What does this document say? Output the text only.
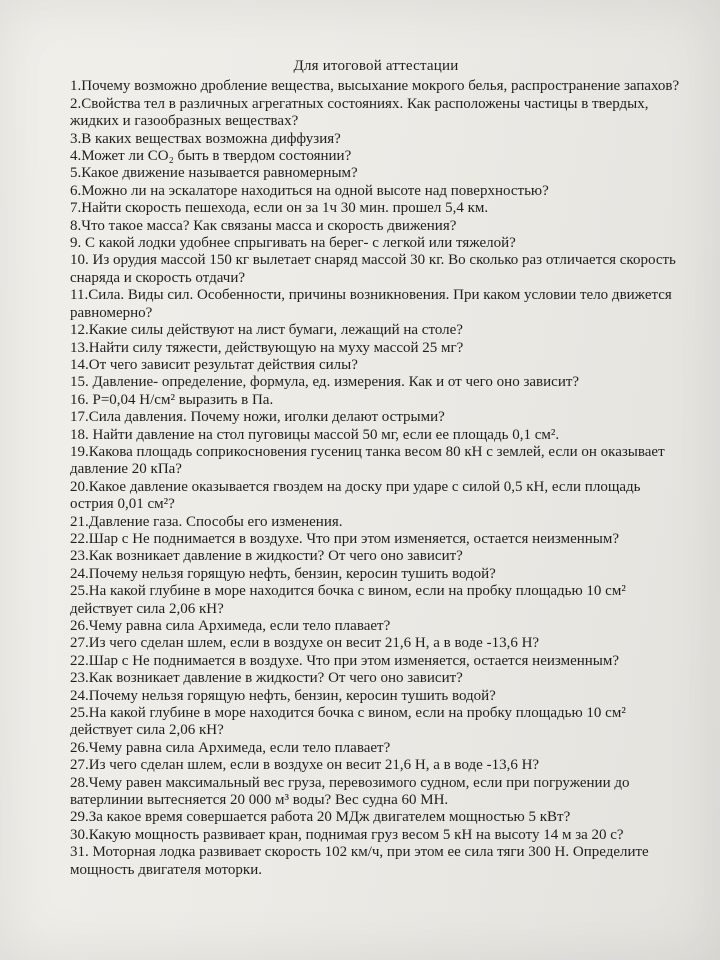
Для итоговой аттестации

1.Почему возможно дробление вещества, высыхание мокрого белья, распространение запахов?

2.Свойства тел в различных агрегатных состояниях. Как расположены частицы в твердых, жидких и газообразных веществах?

3.В каких веществах возможна диффузия?

4.Может ли CO₂ быть в твердом состоянии?

5.Какое движение называется равномерным?

6.Можно ли на эскалаторе находиться на одной высоте над поверхностью?

7.Найти скорость пешехода, если он за 1ч 30 мин. прошел 5,4 км.

8.Что такое масса? Как связаны масса и скорость движения?

9. С какой лодки удобнее спрыгивать на берег- с легкой или тяжелой?

10. Из орудия массой 150 кг вылетает снаряд массой 30 кг. Во сколько раз отличается скорость снаряда и скорость отдачи?

11.Сила. Виды сил. Особенности, причины возникновения. При каком условии тело движется равномерно?

12.Какие силы действуют на лист бумаги, лежащий на столе?

13.Найти силу тяжести, действующую на муху массой 25 мг?

14.От чего зависит результат действия силы?

15. Давление- определение, формула, ед. измерения. Как и от чего оно зависит?

16. P=0,04 Н/см² выразить в Па.

17.Сила давления. Почему ножи, иголки делают острыми?

18. Найти давление на стол пуговицы массой 50 мг, если ее площадь 0,1 см².

19.Какова площадь соприкосновения гусениц танка весом 80 кН с землей, если он оказывает давление 20 кПа?

20.Какое давление оказывается гвоздем на доску при ударе с силой 0,5 кН, если площадь острия 0,01 см²?

21.Давление газа. Способы его изменения.

22.Шар с Не поднимается в воздухе. Что при этом изменяется, остается неизменным?

23.Как возникает давление в жидкости? От чего оно зависит?

24.Почему нельзя горящую нефть, бензин, керосин тушить водой?

25.На какой глубине в море находится бочка с вином, если на пробку площадью 10 см² действует сила 2,06 кН?

26.Чему равна сила Архимеда, если тело плавает?

27.Из чего сделан шлем, если в воздухе он весит 21,6 Н, а в воде -13,6 Н?

22.Шар с Не поднимается в воздухе. Что при этом изменяется, остается неизменным?

23.Как возникает давление в жидкости? От чего оно зависит?

24.Почему нельзя горящую нефть, бензин, керосин тушить водой?

25.На какой глубине в море находится бочка с вином, если на пробку площадью 10 см² действует сила 2,06 кН?

26.Чему равна сила Архимеда, если тело плавает?

27.Из чего сделан шлем, если в воздухе он весит 21,6 Н, а в воде -13,6 Н?

28.Чему равен максимальный вес груза, перевозимого судном, если при погружении до ватерлинии вытесняется 20 000 м³ воды? Вес судна 60 МН.

29.За какое время совершается работа 20 МДж двигателем мощностью 5 кВт?

30.Какую мощность развивает кран, поднимая груз весом 5 кН на высоту 14 м за 20 с?

31. Моторная лодка развивает скорость 102 км/ч, при этом ее сила тяги 300 Н. Определите мощность двигателя моторки.
